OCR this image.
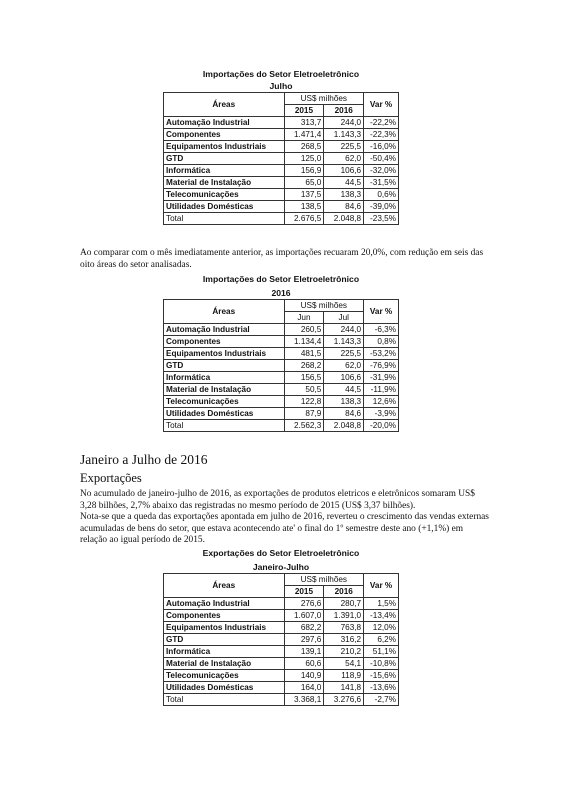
Importações do Setor Eletroeletrônico
Julho
Áreas	US$ milhões		Var %
	2015	2016	
Automação Industrial	313,7	244,0	-22,2%
Componentes	1.471,4	1.143,3	-22,3%
Equipamentos Industriais	268,5	225,5	-16,0%
GTD	125,0	62,0	-50,4%
Informática	156,9	106,6	-32,0%
Material de Instalação	65,0	44,5	-31,5%
Telecomunicações	137,5	138,3	0,6%
Utilidades Domésticas	138,5	84,6	-39,0%
Total	2.676,5	2.048,8	-23,5%

Ao comparar com o mês imediatamente anterior, as importações recuaram 20,0%, com redução em seis das oito áreas do setor analisadas.

Importações do Setor Eletroeletrônico
2016
Áreas	US$ milhões		Var %
	Jun	Jul	
Automação Industrial	260,5	244,0	-6,3%
Componentes	1.134,4	1.143,3	0,8%
Equipamentos Industriais	481,5	225,5	-53,2%
GTD	268,2	62,0	-76,9%
Informática	156,5	106,6	-31,9%
Material de Instalação	50,5	44,5	-11,9%
Telecomunicações	122,8	138,3	12,6%
Utilidades Domésticas	87,9	84,6	-3,9%
Total	2.562,3	2.048,8	-20,0%
Janeiro a Julho de 2016
Exportações

No acumulado de janeiro-julho de 2016, as exportações de produtos eletricos e eletrônicos somaram US$ 3,28 bilhões, 2,7% abaixo das registradas no mesmo período de 2015 (US$ 3,37 bilhões).

Nota-se que a queda das exportações apontada em julho de 2016, reverteu o crescimento das vendas externas acumuladas de bens do setor, que estava acontecendo ate' o final do 1º semestre deste ano (+1,1%) em relação ao igual período de 2015.

Exportações do Setor Eletroeletrônico
Janeiro-Julho
Áreas	US$ milhões		Var %
	2015	2016	
Automação Industrial	276,6	280,7	1,5%
Componentes	1.607,0	1.391,0	-13,4%
Equipamentos Industriais	682,2	763,8	12,0%
GTD	297,6	316,2	6,2%
Informática	139,1	210,2	51,1%
Material de Instalação	60,6	54,1	-10,8%
Telecomunicações	140,9	118,9	-15,6%
Utilidades Domésticas	164,0	141,8	-13,6%
Total	3.368,1	3.276,6	-2,7%
